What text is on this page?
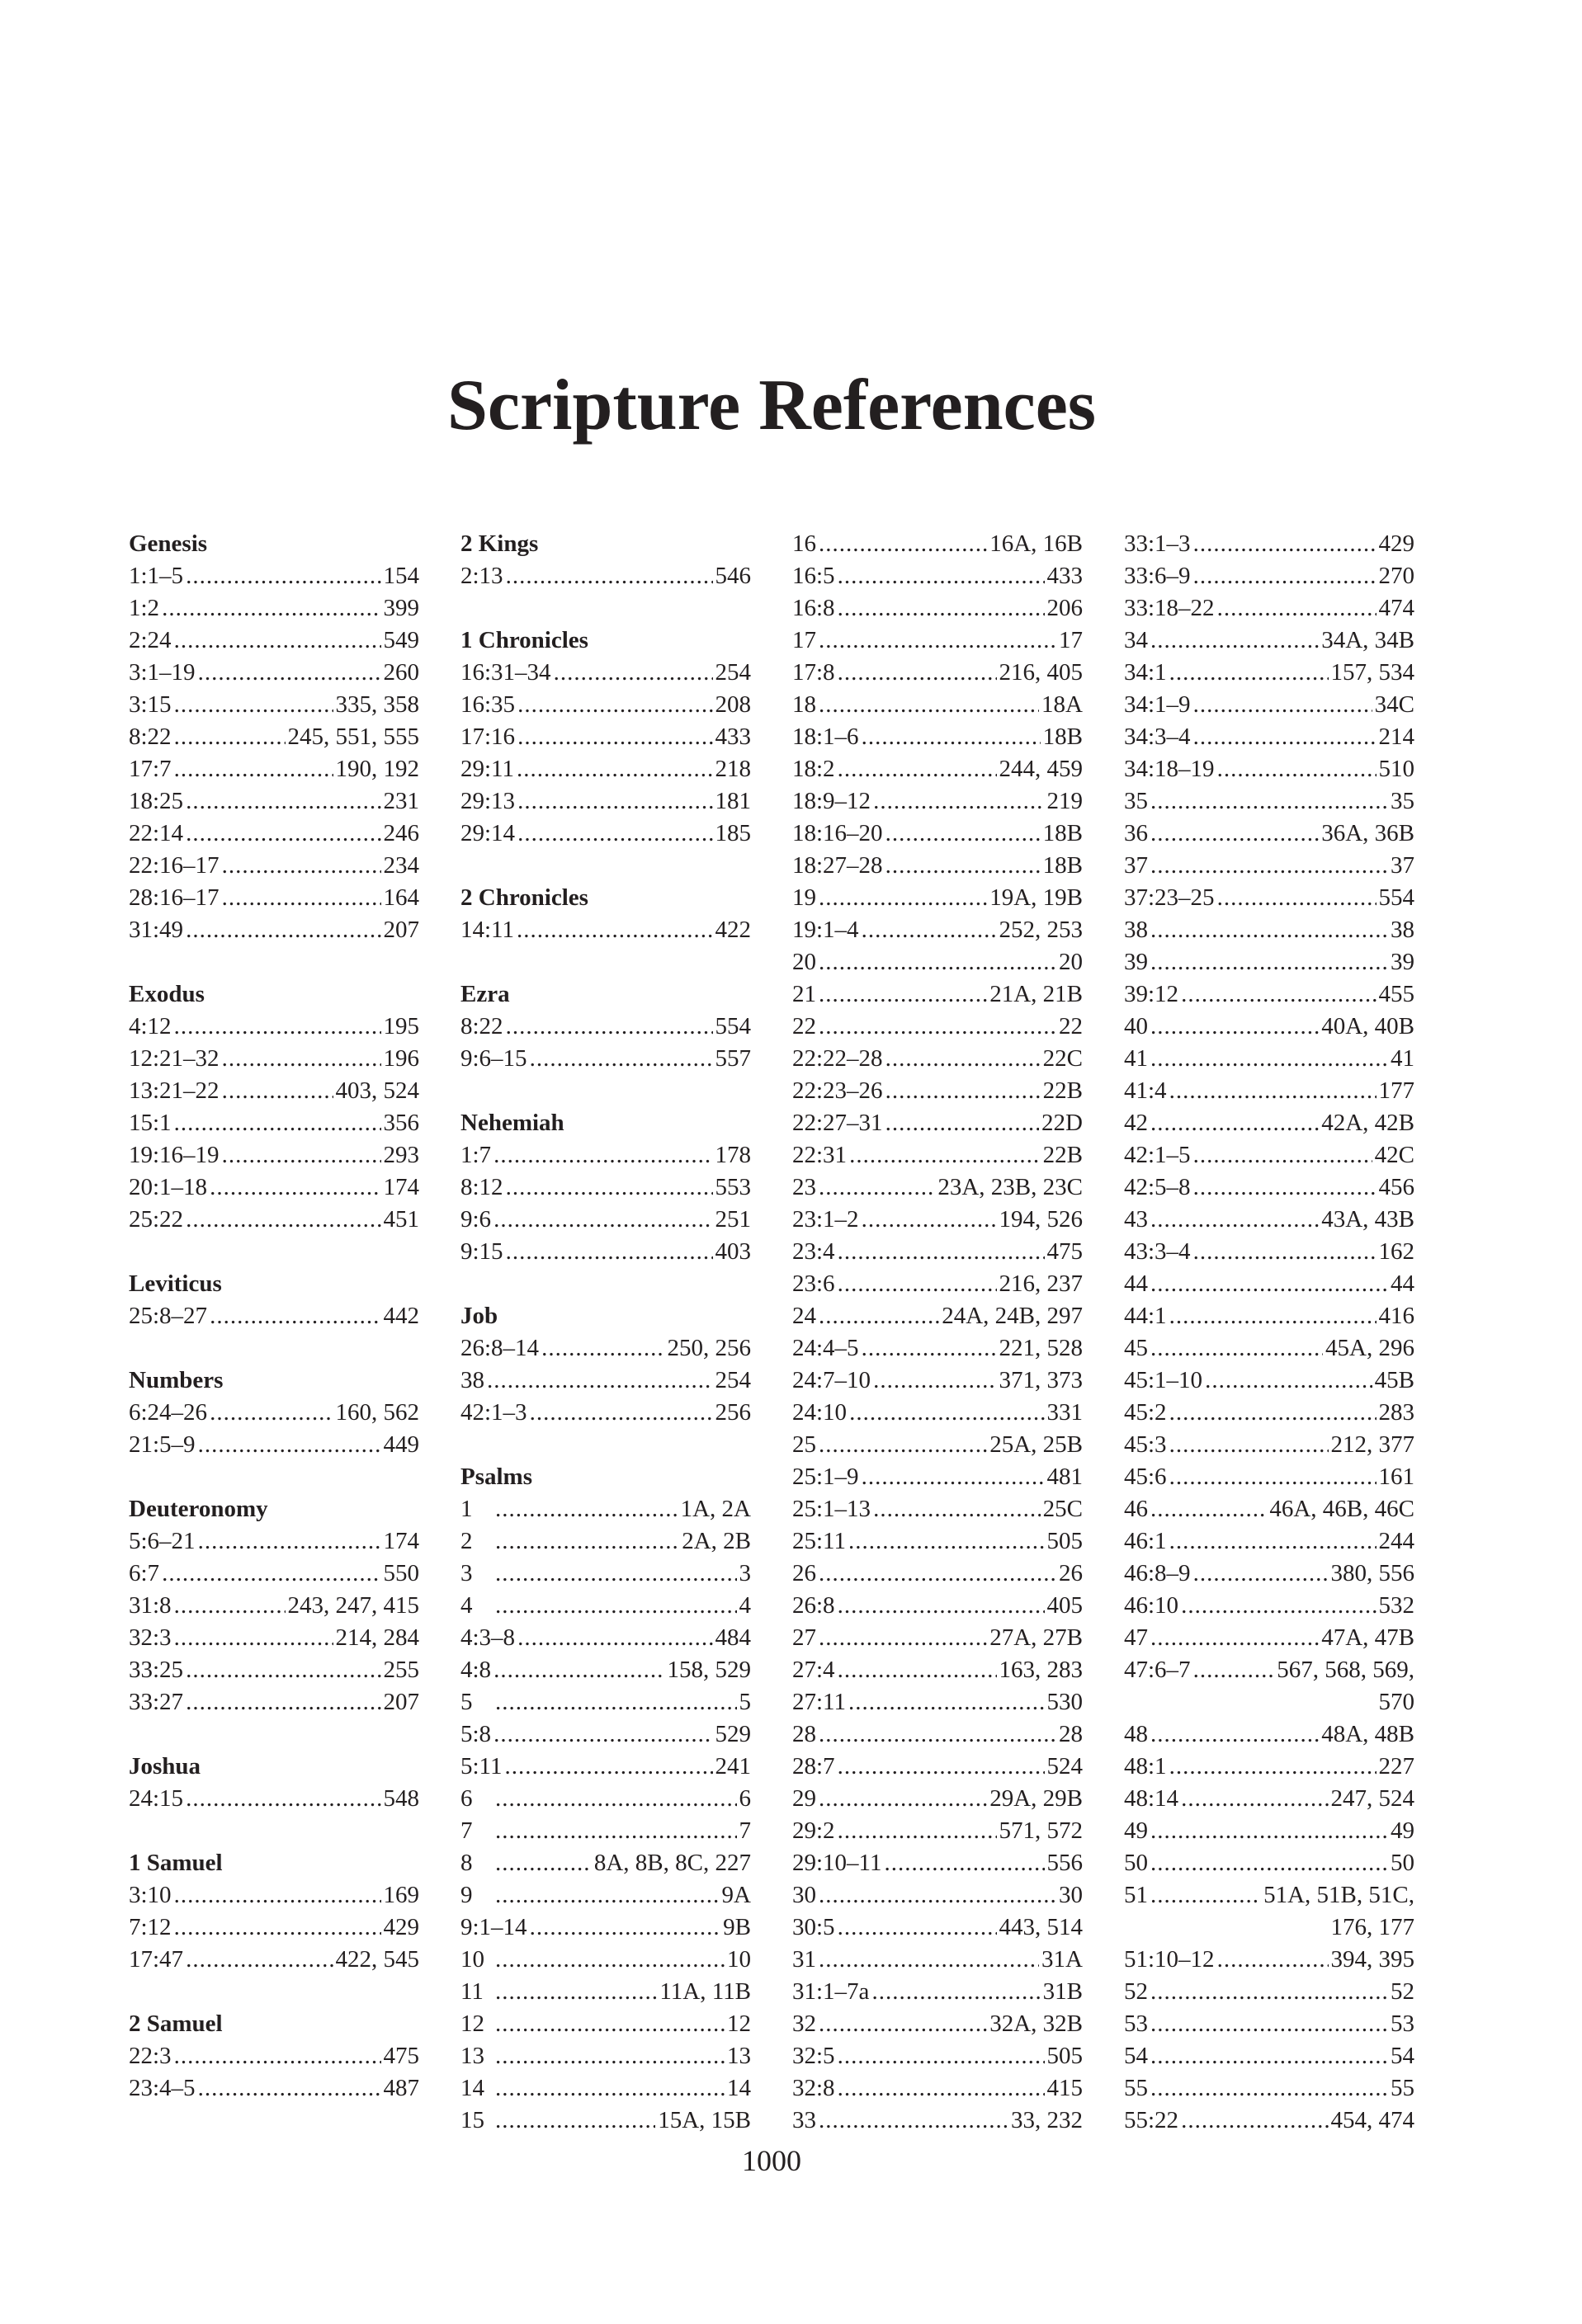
Scripture References
Genesis
1:1–5 .....	154
1:2 .....	399
2:24 .....	549
3:1–19 .....	260
3:15 .....	335, 358
8:22 .....	245, 551, 555
17:7 .....	190, 192
18:25 .....	231
22:14 .....	246
22:16–17 .....	234
28:16–17 .....	164
31:49 .....	207
Exodus
4:12 .....	195
12:21–32 .....	196
13:21–22 .....	403, 524
15:1 .....	356
19:16–19 .....	293
20:1–18 .....	174
25:22 .....	451
Leviticus
25:8–27 .....	442
Numbers
6:24–26 .....	160, 562
21:5–9 .....	449
Deuteronomy
5:6–21 .....	174
6:7 .....	550
31:8 .....	243, 247, 415
32:3 .....	214, 284
33:25 .....	255
33:27 .....	207
Joshua
24:15 .....	548
1 Samuel
3:10 .....	169
7:12 .....	429
17:47 .....	422, 545
2 Samuel
22:3 .....	475
23:4–5 .....	487
2 Kings
2:13 .....	546
1 Chronicles
16:31–34 .....	254
16:35 .....	208
17:16 .....	433
29:11 .....	218
29:13 .....	181
29:14 .....	185
2 Chronicles
14:11 .....	422
Ezra
8:22 .....	554
9:6–15 .....	557
Nehemiah
1:7 .....	178
8:12 .....	553
9:6 .....	251
9:15 .....	403
Job
26:8–14 .....	250, 256
38 .....	254
42:1–3 .....	256
Psalms
1 .....	1A, 2A
2 .....	2A, 2B
3 .....	3
4 .....	4
4:3–8 .....	484
4:8 .....	158, 529
5 .....	5
5:8 .....	529
5:11 .....	241
6 .....	6
7 .....	7
8 .....	8A, 8B, 8C, 227
9 .....	9A
9:1–14 .....	9B
10 .....	10
11 .....	11A, 11B
12 .....	12
13 .....	13
14 .....	14
15 .....	15A, 15B
16 .....	16A, 16B
16:5 .....	433
16:8 .....	206
17 .....	17
17:8 .....	216, 405
18 .....	18A
18:1–6 .....	18B
18:2 .....	244, 459
18:9–12 .....	219
18:16–20 .....	18B
18:27–28 .....	18B
19 .....	19A, 19B
19:1–4 .....	252, 253
20 .....	20
21 .....	21A, 21B
22 .....	22
22:22–28 .....	22C
22:23–26 .....	22B
22:27–31 .....	22D
22:31 .....	22B
23 .....	23A, 23B, 23C
23:1–2 .....	194, 526
23:4 .....	475
23:6 .....	216, 237
24 .....	24A, 24B, 297
24:4–5 .....	221, 528
24:7–10 .....	371, 373
24:10 .....	331
25 .....	25A, 25B
25:1–9 .....	481
25:1–13 .....	25C
25:11 .....	505
26 .....	26
26:8 .....	405
27 .....	27A, 27B
27:4 .....	163, 283
27:11 .....	530
28 .....	28
28:7 .....	524
29 .....	29A, 29B
29:2 .....	571, 572
29:10–11 .....	556
30 .....	30
30:5 .....	443, 514
31 .....	31A
31:1–7a .....	31B
32 .....	32A, 32B
32:5 .....	505
32:8 .....	415
33 .....	33, 232
33:1–3 .....	429
33:6–9 .....	270
33:18–22 .....	474
34 .....	34A, 34B
34:1 .....	157, 534
34:1–9 .....	34C
34:3–4 .....	214
34:18–19 .....	510
35 .....	35
36 .....	36A, 36B
37 .....	37
37:23–25 .....	554
38 .....	38
39 .....	39
39:12 .....	455
40 .....	40A, 40B
41 .....	41
41:4 .....	177
42 .....	42A, 42B
42:1–5 .....	42C
42:5–8 .....	456
43 .....	43A, 43B
43:3–4 .....	162
44 .....	44
44:1 .....	416
45 .....	45A, 296
45:1–10 .....	45B
45:2 .....	283
45:3 .....	212, 377
45:6 .....	161
46 .....	46A, 46B, 46C
46:1 .....	244
46:8–9 .....	380, 556
46:10 .....	532
47 .....	47A, 47B
47:6–7 .....	567, 568, 569,
570
48 .....	48A, 48B
48:1 .....	227
48:14 .....	247, 524
49 .....	49
50 .....	50
51 .....	51A, 51B, 51C,
176, 177
51:10–12 .....	394, 395
52 .....	52
53 .....	53
54 .....	54
55 .....	55
55:22 .....	454, 474
1000
